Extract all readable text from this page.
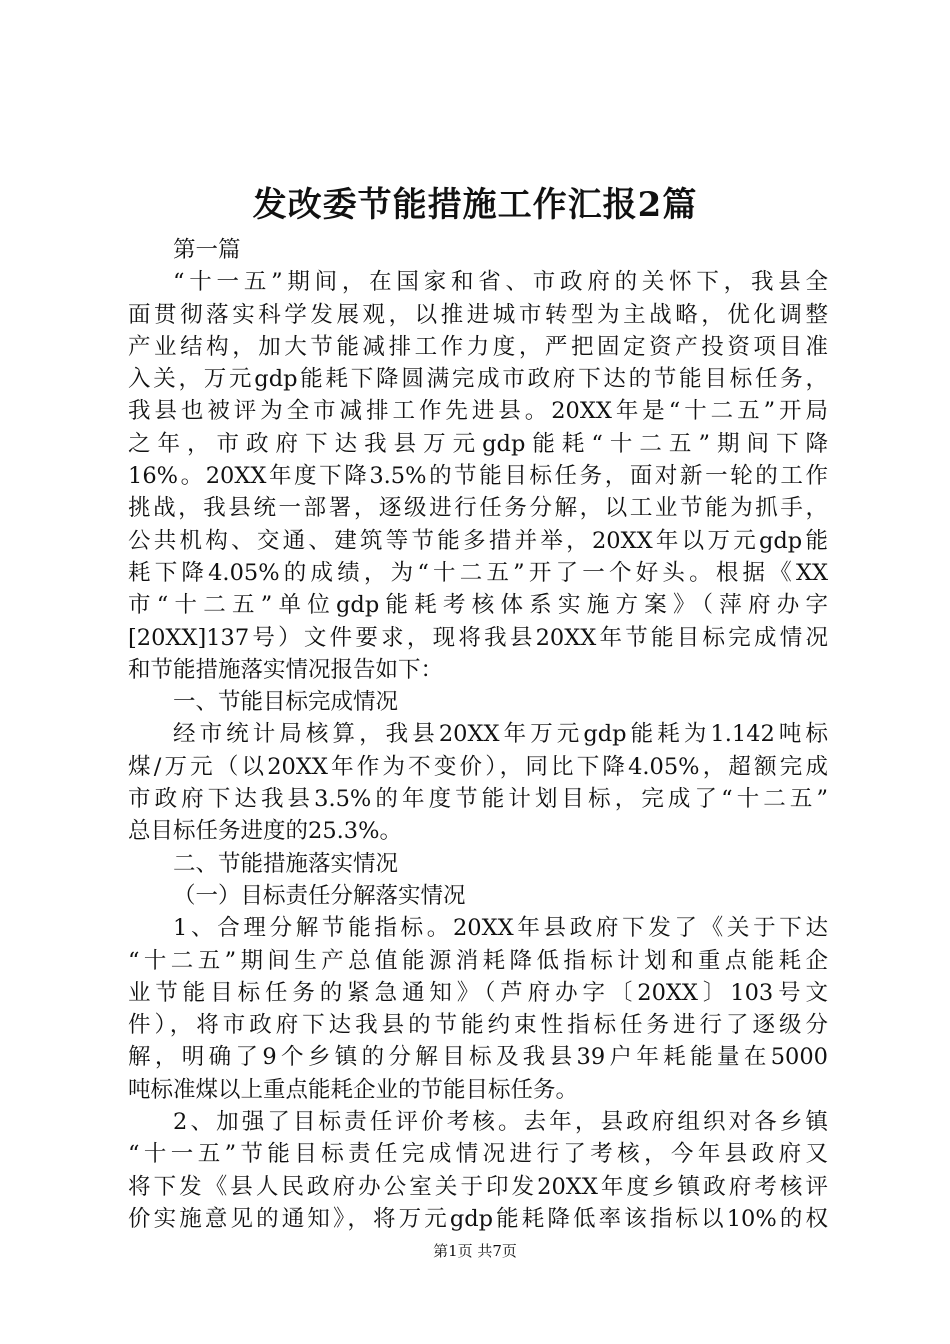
发改委节能措施工作汇报2篇
第一篇
“十一五”期间，在国家和省、市政府的关怀下，我县全
面贯彻落实科学发展观，以推进城市转型为主战略，优化调整
产业结构，加大节能减排工作力度，严把固定资产投资项目准
入关，万元gdp能耗下降圆满完成市政府下达的节能目标任务，
我县也被评为全市减排工作先进县。20XX年是“十二五”开局
之年，市政府下达我县万元gdp能耗“十二五”期间下降
16%。20XX年度下降3.5%的节能目标任务，面对新一轮的工作
挑战，我县统一部署，逐级进行任务分解，以工业节能为抓手，
公共机构、交通、建筑等节能多措并举，20XX年以万元gdp能
耗下降4.05%的成绩，为“十二五”开了一个好头。根据《XX
市“十二五”单位gdp能耗考核体系实施方案》（萍府办字
[20XX]137号）文件要求，现将我县20XX年节能目标完成情况
和节能措施落实情况报告如下：
一、节能目标完成情况
经市统计局核算，我县20XX年万元gdp能耗为1.142吨标
煤/万元（以20XX年作为不变价），同比下降4.05%，超额完成
市政府下达我县3.5%的年度节能计划目标，完成了“十二五”
总目标任务进度的25.3%。
二、节能措施落实情况
（一）目标责任分解落实情况
1、合理分解节能指标。20XX年县政府下发了《关于下达
“十二五”期间生产总值能源消耗降低指标计划和重点能耗企
业节能目标任务的紧急通知》（芦府办字〔20XX〕103号文
件），将市政府下达我县的节能约束性指标任务进行了逐级分
解，明确了9个乡镇的分解目标及我县39户年耗能量在5000
吨标准煤以上重点能耗企业的节能目标任务。
2、加强了目标责任评价考核。去年，县政府组织对各乡镇
“十一五”节能目标责任完成情况进行了考核，今年县政府又
将下发《县人民政府办公室关于印发20XX年度乡镇政府考核评
价实施意见的通知》，将万元gdp能耗降低率该指标以10%的权
第1页 共7页
